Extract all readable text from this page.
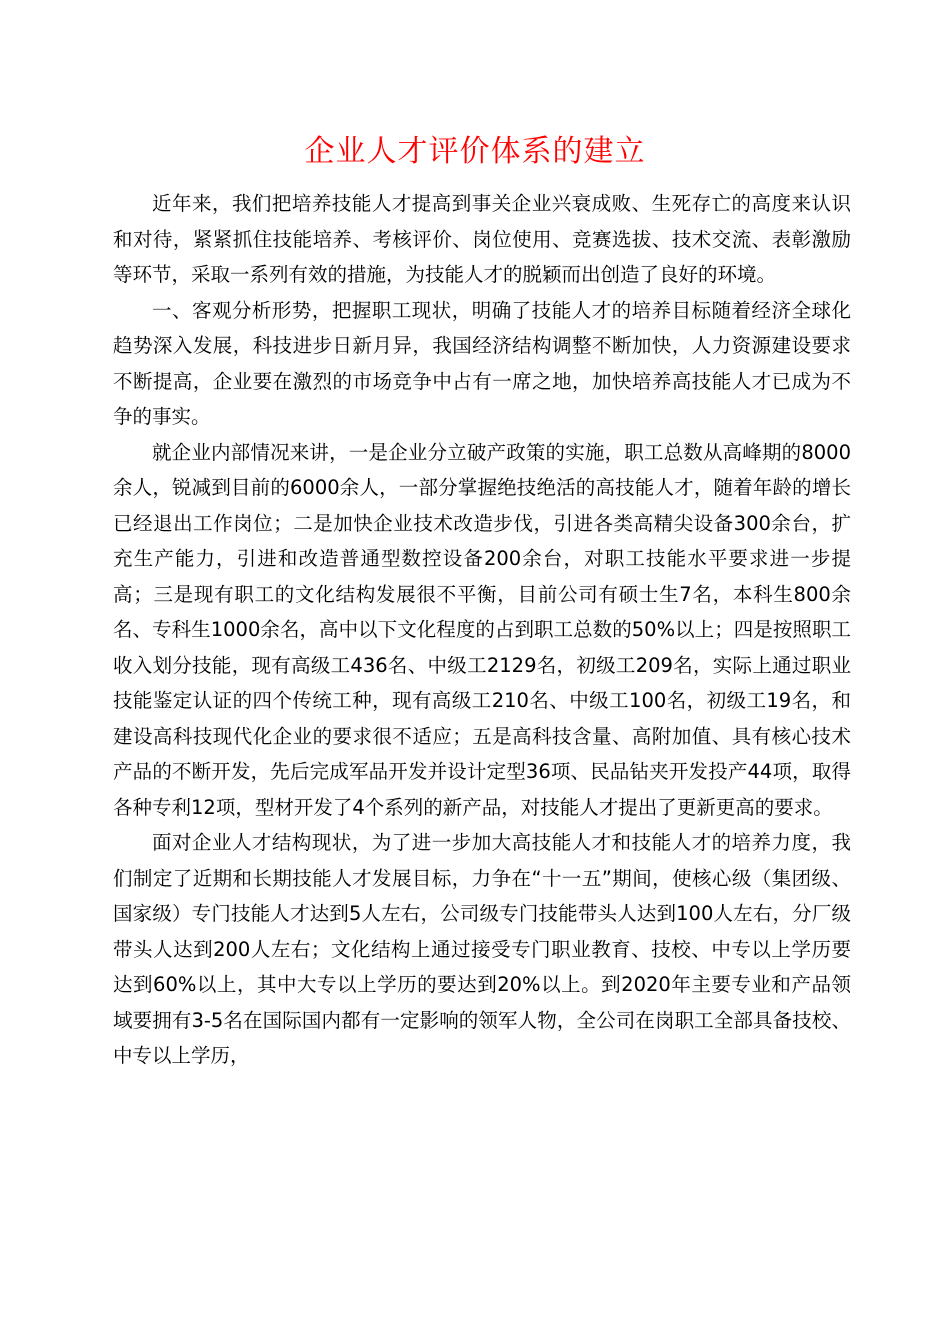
企业人才评价体系的建立

近年来，我们把培养技能人才提高到事关企业兴衰成败、生死存亡的高度来认识和对待，紧紧抓住技能培养、考核评价、岗位使用、竞赛选拔、技术交流、表彰激励等环节，采取一系列有效的措施，为技能人才的脱颖而出创造了良好的环境。

一、客观分析形势，把握职工现状，明确了技能人才的培养目标随着经济全球化趋势深入发展，科技进步日新月异，我国经济结构调整不断加快，人力资源建设要求不断提高，企业要在激烈的市场竞争中占有一席之地，加快培养高技能人才已成为不争的事实。

就企业内部情况来讲，一是企业分立破产政策的实施，职工总数从高峰期的8000余人，锐减到目前的6000余人，一部分掌握绝技绝活的高技能人才，随着年龄的增长已经退出工作岗位；二是加快企业技术改造步伐，引进各类高精尖设备300余台，扩充生产能力，引进和改造普通型数控设备200余台，对职工技能水平要求进一步提高；三是现有职工的文化结构发展很不平衡，目前公司有硕士生7名，本科生800余名、专科生1000余名，高中以下文化程度的占到职工总数的50%以上；四是按照职工收入划分技能，现有高级工436名、中级工2129名，初级工209名，实际上通过职业技能鉴定认证的四个传统工种，现有高级工210名、中级工100名，初级工19名，和建设高科技现代化企业的要求很不适应；五是高科技含量、高附加值、具有核心技术产品的不断开发，先后完成军品开发并设计定型36项、民品钻夹开发投产44项，取得各种专利12项，型材开发了4个系列的新产品，对技能人才提出了更新更高的要求。

面对企业人才结构现状，为了进一步加大高技能人才和技能人才的培养力度，我们制定了近期和长期技能人才发展目标，力争在“十一五”期间，使核心级（集团级、国家级）专门技能人才达到5人左右，公司级专门技能带头人达到100人左右，分厂级带头人达到200人左右；文化结构上通过接受专门职业教育、技校、中专以上学历要达到60%以上，其中大专以上学历的要达到20%以上。到2020年主要专业和产品领域要拥有3-5名在国际国内都有一定影响的领军人物，全公司在岗职工全部具备技校、中专以上学历，
